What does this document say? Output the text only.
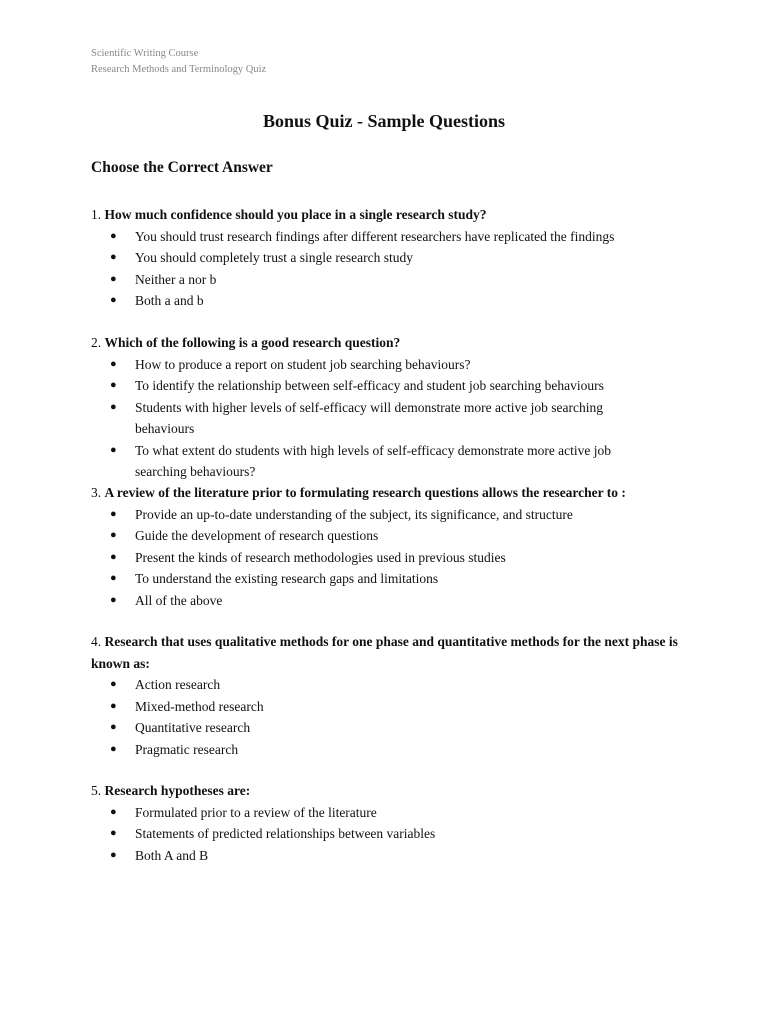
Scientific Writing Course
Research Methods and Terminology Quiz
Bonus Quiz - Sample Questions
Choose the Correct Answer
1. How much confidence should you place in a single research study?
● You should trust research findings after different researchers have replicated the findings
● You should completely trust a single research study
● Neither a nor b
● Both a and b
2. Which of the following is a good research question?
● How to produce a report on student job searching behaviours?
● To identify the relationship between self-efficacy and student job searching behaviours
● Students with higher levels of self-efficacy will demonstrate more active job searching behaviours
● To what extent do students with high levels of self-efficacy demonstrate more active job searching behaviours?
3. A review of the literature prior to formulating research questions allows the researcher to :
● Provide an up-to-date understanding of the subject, its significance, and structure
● Guide the development of research questions
● Present the kinds of research methodologies used in previous studies
● To understand the existing research gaps and limitations
● All of the above
4. Research that uses qualitative methods for one phase and quantitative methods for the next phase is known as:
● Action research
● Mixed-method research
● Quantitative research
● Pragmatic research
5. Research hypotheses are:
● Formulated prior to a review of the literature
● Statements of predicted relationships between variables
● Both A and B
